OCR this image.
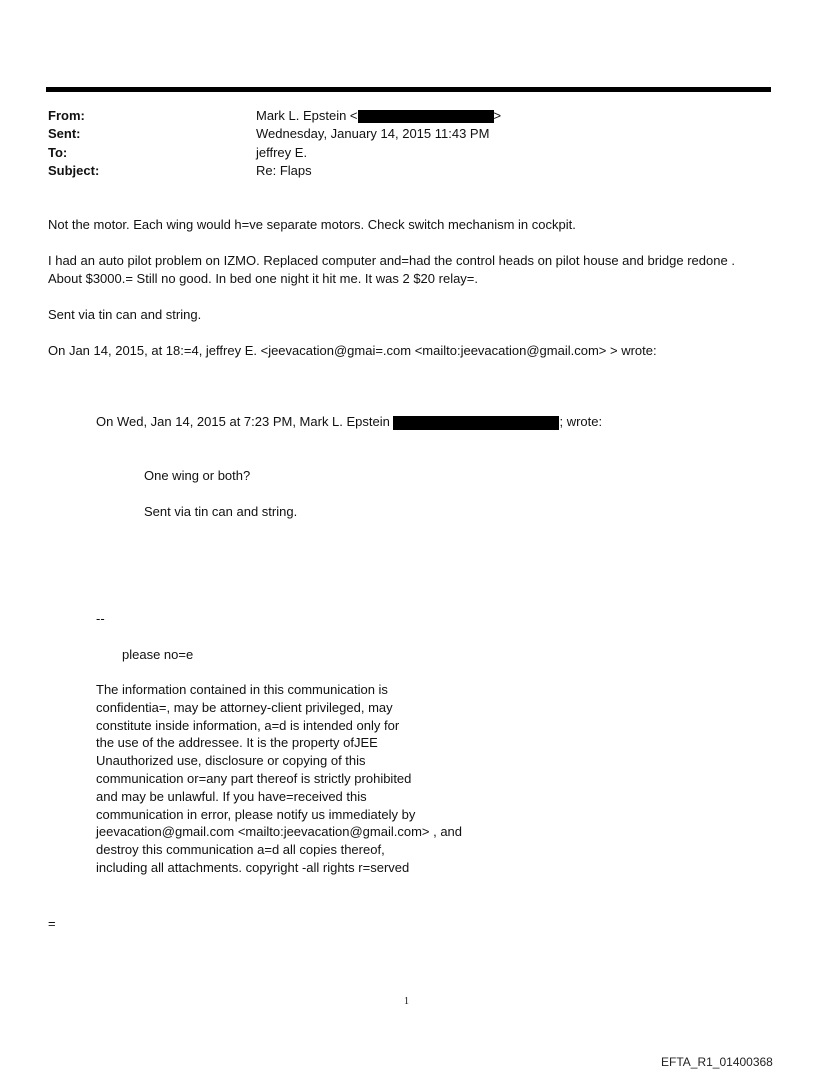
From:	Mark L. Epstein <	>
Sent:	Wednesday, January 14, 2015 11:43 PM
To:	jeffrey E.
Subject:	Re: Flaps
Not the motor. Each wing would h=ve separate motors. Check switch mechanism in cockpit.
I had an auto pilot problem on IZMO. Replaced computer and=had the control heads on pilot house and bridge redone .
About $3000.= Still no good. In bed one night it hit me. It was 2 $20 relay=.
Sent via tin can and string.
On Jan 14, 2015, at 18:=4, jeffrey E. <jeevacation@gmai=.com <mailto:jeevacation@gmail.com> > wrote:
On Wed, Jan 14, 2015 at 7:23 PM, Mark L. Epstein	; wrote:
One wing or both?
Sent via tin can and string.
--
please no=e
The information contained in this communication is
confidentia=, may be attorney-client privileged, may
constitute inside information, a=d is intended only for
the use of the addressee. It is the property ofJEE
Unauthorized use, disclosure or copying of this
communication or=any part thereof is strictly prohibited
and may be unlawful. If you have=received this
communication in error, please notify us immediately by
jeevacation@gmail.com <mailto:jeevacation@gmail.com> , and
destroy this communication a=d all copies thereof,
including all attachments. copyright -all rights r=served
=
1
EFTA_R1_01400368
